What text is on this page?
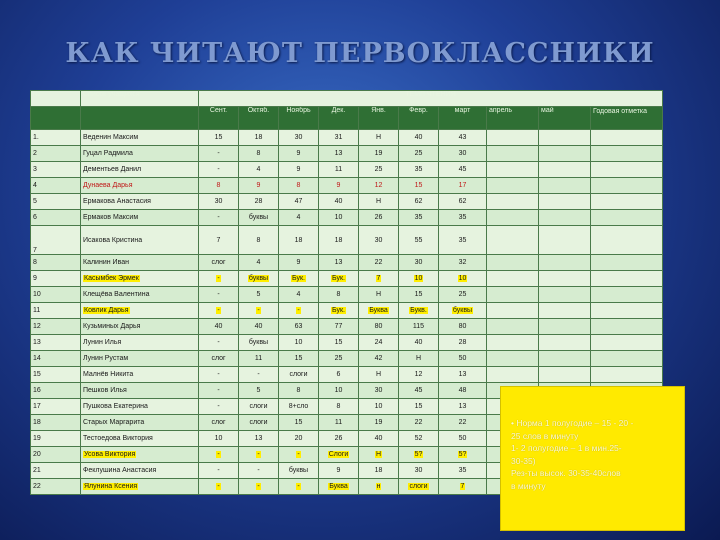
КАК ЧИТАЮТ ПЕРВОКЛАССНИКИ
№	Список учащихся	ТЕМП ЧТЕНИЯ									
		Сент.	Октяб.	Ноябрь	Дек.	Янв.	Февр.	март	апрель	май	Годовая отметка
1.	Веденин Максим	15	18	30	31	Н	40	43			
2	Гуцал Радмила	-	8	9	13	19	25	30			
3	Дементьев Данил	-	4	9	11	25	35	45			
4	Дунаева Дарья	8	9	8	9	12	15	17			
5	Ермакова Анастасия	30	28	47	40	Н	62	62			
6	Ермаков Максим	-	буквы	4	10	26	35	35			
7	Исакова Кристина	7	8	18	18	30	55	35			
8	Калинин Иван	слог	4	9	13	22	30	32			
9	Касымбек Эрмек	-	буквы	Бук.	Бук.	7	10	10			
10	Клещёва Валентина	-	5	4	8	Н	15	25			
11	Ковлик Дарья	-	-	-	Бук.	Буква	Букв.	буквы			
12	Кузьминых Дарья	40	40	63	77	80	115	80			
13	Лунин Илья	-	буквы	10	15	24	40	28			
14	Лунин Рустам	слог	11	15	25	42	Н	50			
15	Малнёв Никита	-	-	слоги	6	Н	12	13			
16	Пешков Илья	-	5	8	10	30	45	48			
17	Пушкова Екатерина	-	слоги	8+сло	8	10	15	13			
18	Старых Маргарита	слог	слоги	15	11	19	22	22			
19	Тестоедова Виктория	10	13	20	26	40	52	50			
20	Усова Виктория	-	-	-	Слоги	Н	5?	5?			
21	Феклушина Анастасия	-	-	буквы	9	18	30	35			
22	Ялунина Ксения	-	-	-	Буква	н	слоги	7			
• Норма 1 полугодие – 15 - 20 -
25 слов в минуту
1- 2 полугодие – 1 в мин.25-
30-35)
Рез-ты высок. 30-35-40слов
в минуту
